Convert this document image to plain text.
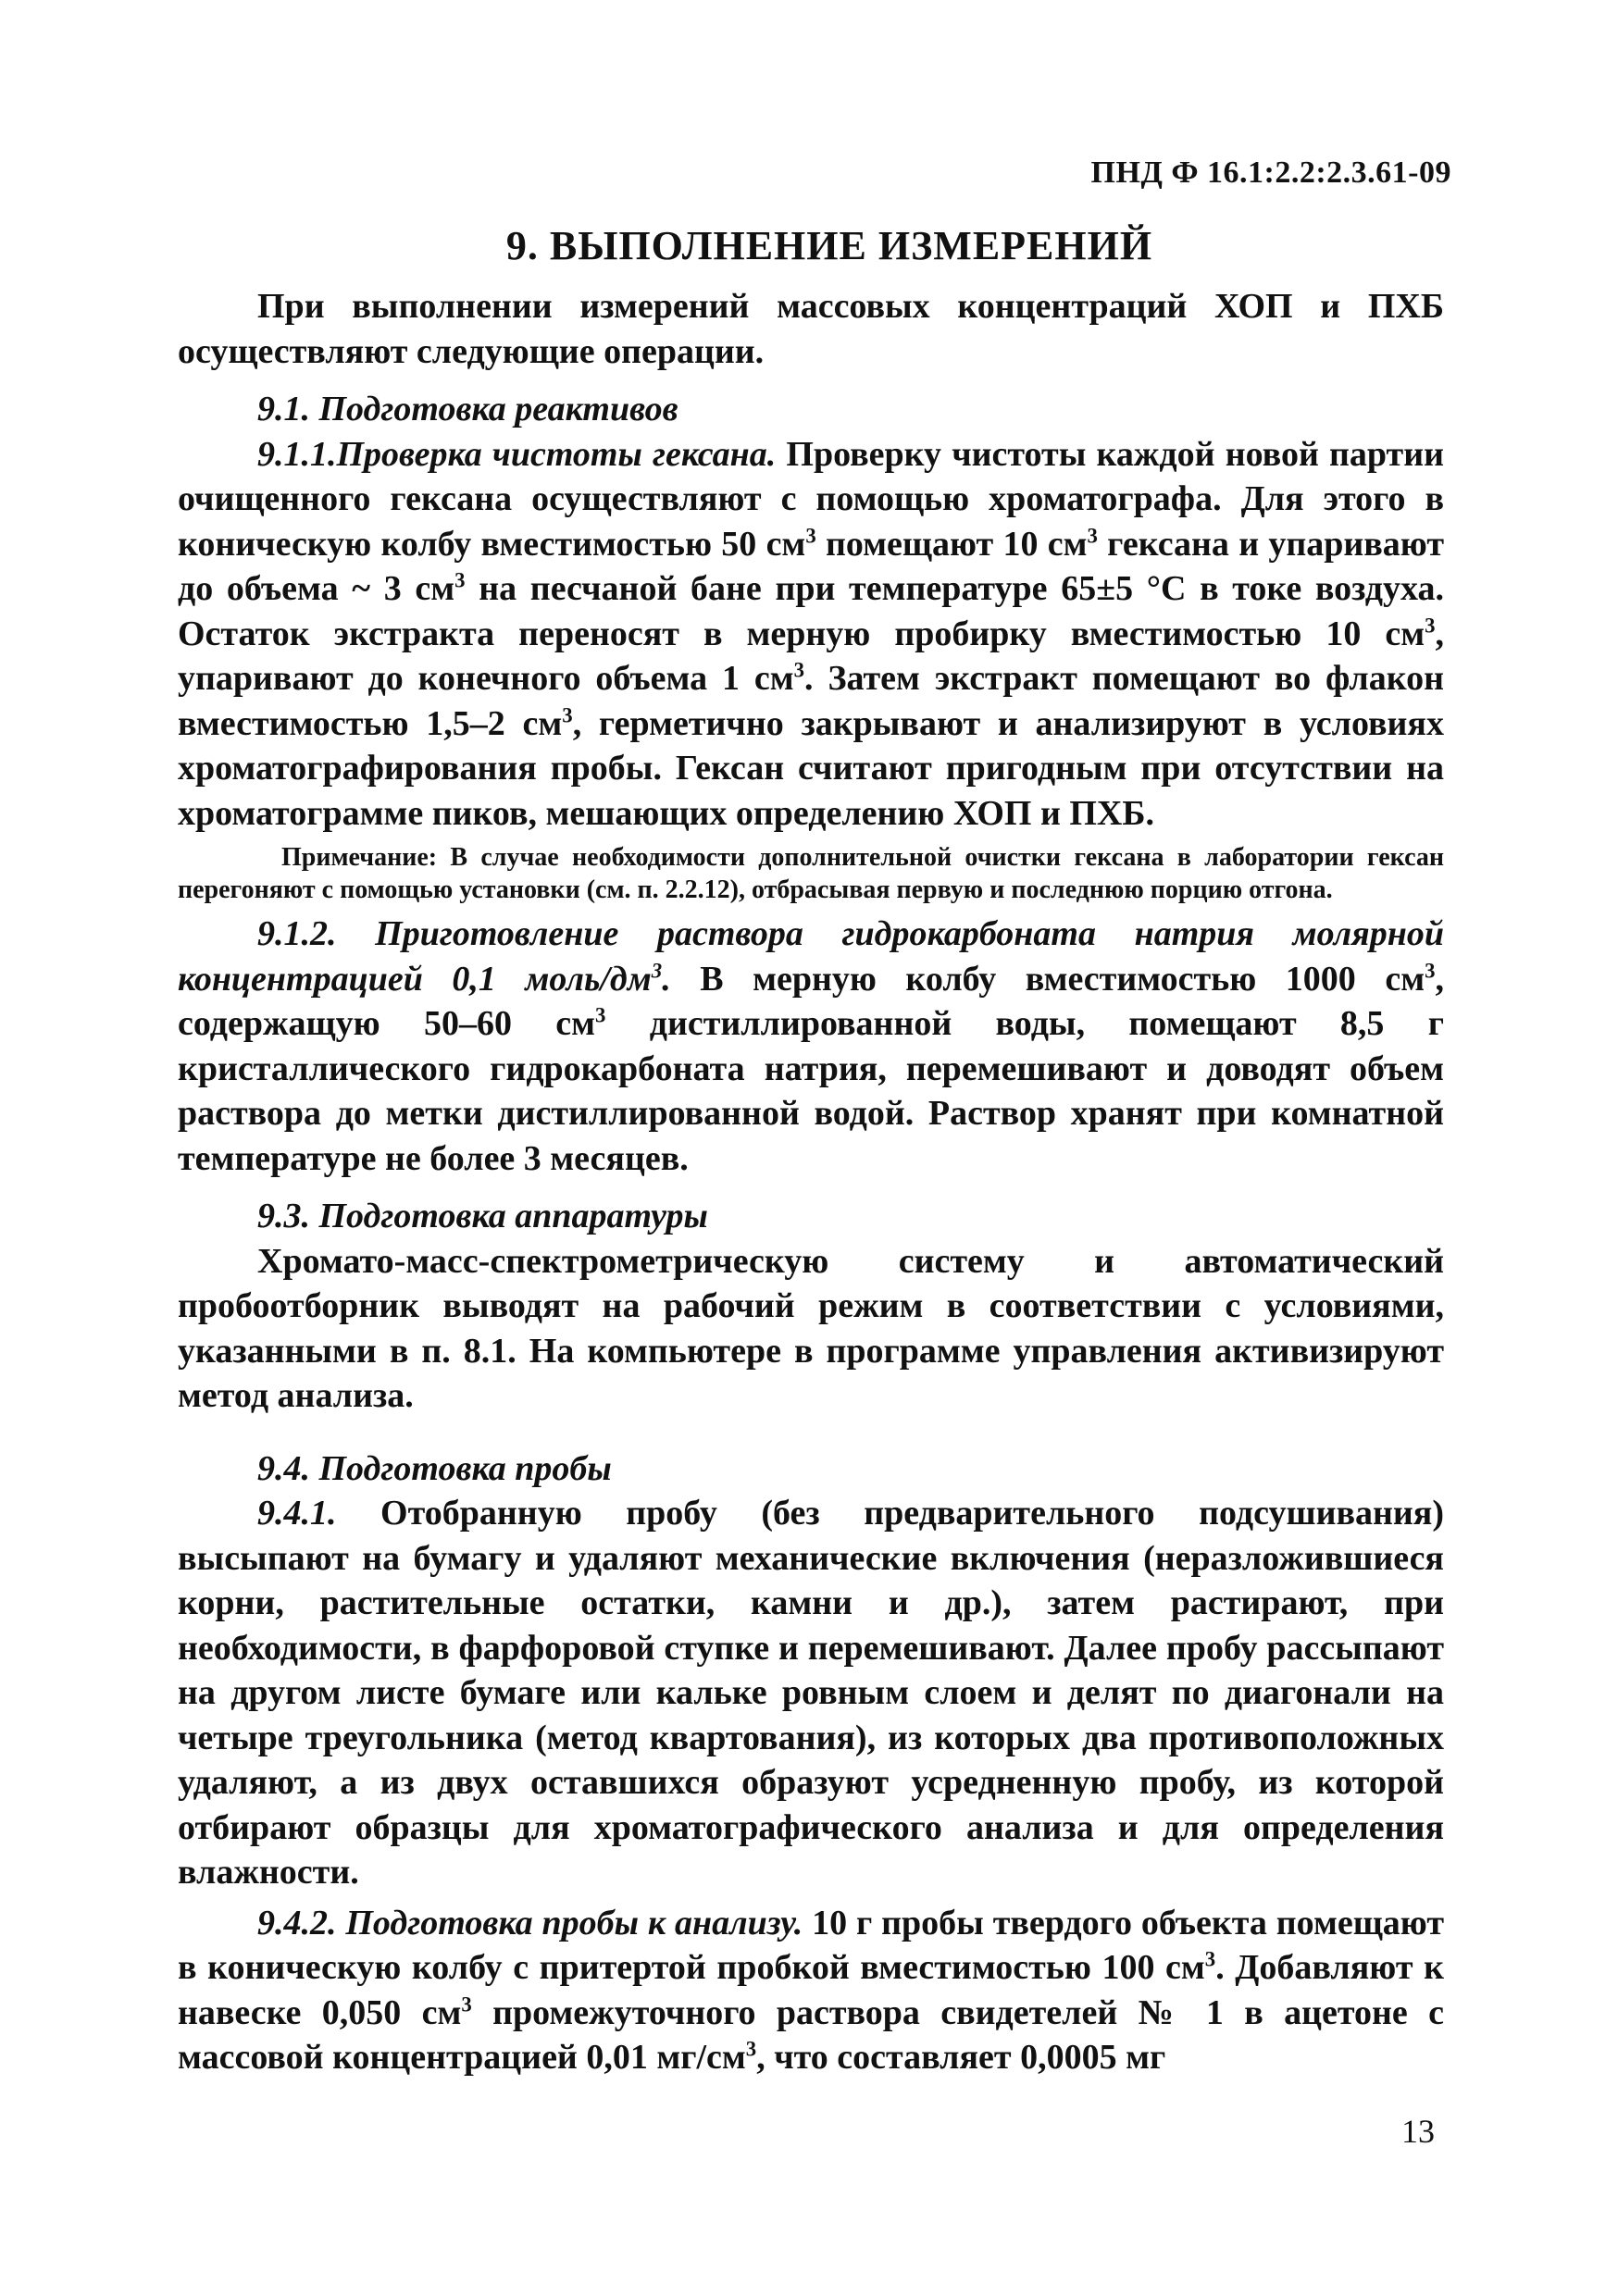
ПНД Ф 16.1:2.2:2.3.61-09
9. ВЫПОЛНЕНИЕ ИЗМЕРЕНИЙ

При выполнении измерений массовых концентраций ХОП и ПХБ осуществляют следующие операции.

9.1. Подготовка реактивов

9.1.1.Проверка чистоты гексана. Проверку чистоты каждой новой партии очищенного гексана осуществляют с помощью хроматографа. Для этого в коническую колбу вместимостью 50 $см^3$ помещают 10 $см^3$ гексана и упаривают до объема ~ 3 $см^3$ на песчаной бане при температуре 65±5 °С в токе воздуха. Остаток экстракта переносят в мерную пробирку вместимостью 10 $см^3$, упаривают до конечного объема 1 $см^3$. Затем экстракт помещают во флакон вместимостью 1,5–2 $см^3$, герметично закрывают и анализируют в условиях хроматографирования пробы. Гексан считают пригодным при отсутствии на хроматограмме пиков, мешающих определению ХОП и ПХБ.

Примечание: В случае необходимости дополнительной очистки гексана в лаборатории гексан перегоняют с помощью установки (см. п. 2.2.12), отбрасывая первую и последнюю порцию отгона.

9.1.2. Приготовление раствора гидрокарбоната натрия молярной концентрацией 0,1 моль/$дм^3$. В мерную колбу вместимостью 1000 $см^3$, содержащую 50–60 $см^3$ дистиллированной воды, помещают 8,5 г кристаллического гидрокарбоната натрия, перемешивают и доводят объем раствора до метки дистиллированной водой. Раствор хранят при комнатной температуре не более 3 месяцев.

9.3. Подготовка аппаратуры

Хромато-масс-спектрометрическую систему и автоматический пробоотборник выводят на рабочий режим в соответствии с условиями, указанными в п. 8.1. На компьютере в программе управления активизируют метод анализа.

9.4. Подготовка пробы

9.4.1. Отобранную пробу (без предварительного подсушивания) высыпают на бумагу и удаляют механические включения (неразложившиеся корни, растительные остатки, камни и др.), затем растирают, при необходимости, в фарфоровой ступке и перемешивают. Далее пробу рассыпают на другом листе бумаге или кальке ровным слоем и делят по диагонали на четыре треугольника (метод квартования), из которых два противоположных удаляют, а из двух оставшихся образуют усредненную пробу, из которой отбирают образцы для хроматографического анализа и для определения влажности.

9.4.2. Подготовка пробы к анализу. 10 г пробы твердого объекта помещают в коническую колбу с притертой пробкой вместимостью 100 $см^3$. Добавляют к навеске 0,050 $см^3$ промежуточного раствора свидетелей № 1 в ацетоне с массовой концентрацией 0,01 $мг/см^3$, что составляет 0,0005 мг

13
